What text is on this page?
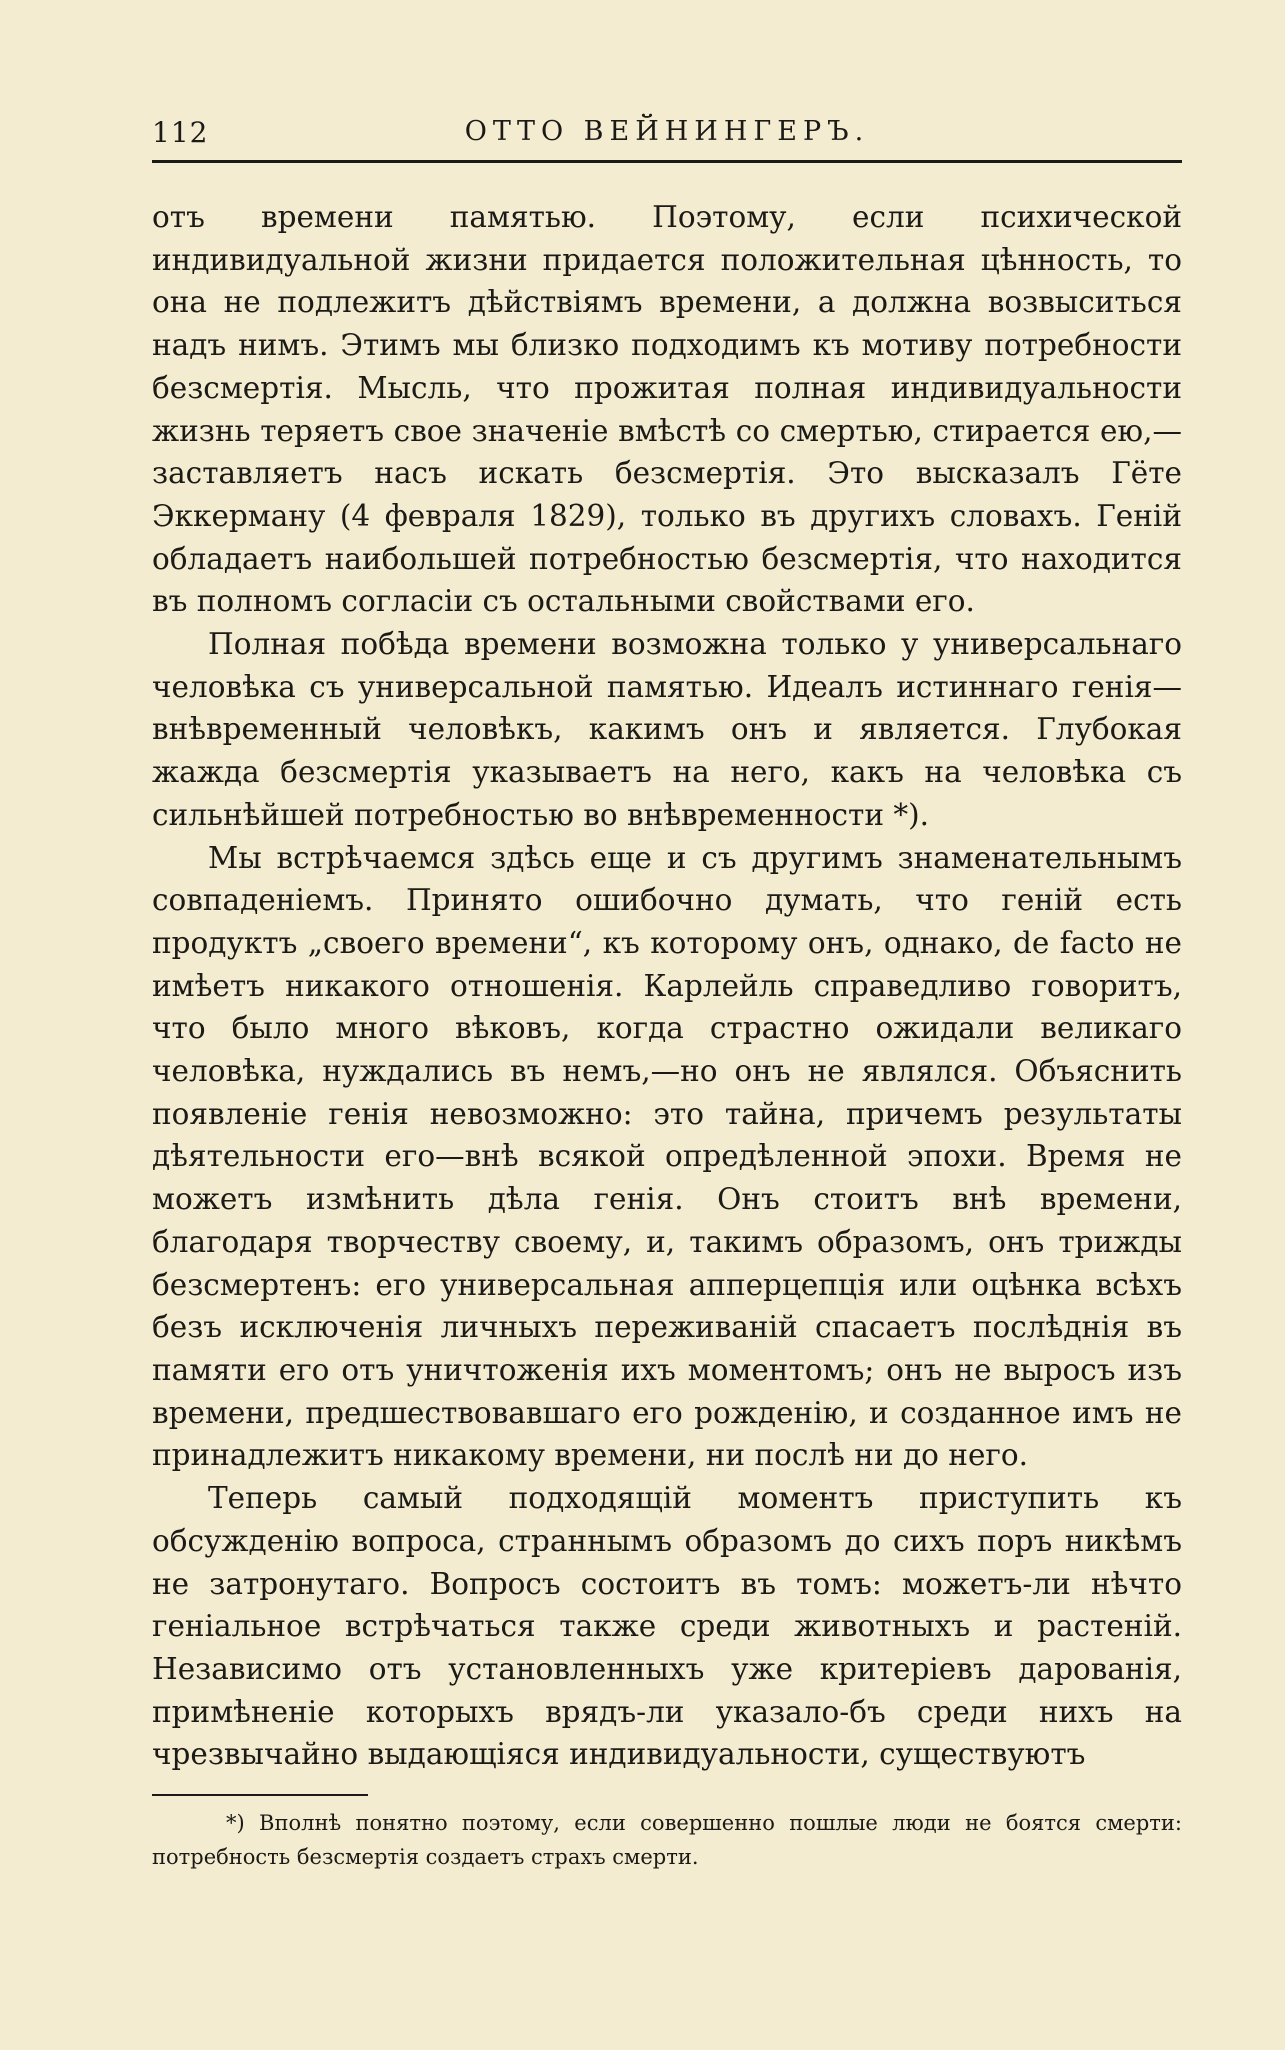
112	ОТТО ВЕЙНИНГЕРЪ.

отъ времени памятью. Поэтому, если психической индивидуальной жизни придается положительная цѣнность, то она не подлежитъ дѣйствіямъ времени, а должна возвыситься надъ нимъ. Этимъ мы близко подходимъ къ мотиву потребности безсмертія. Мысль, что прожитая полная индивидуальности жизнь теряетъ свое значеніе вмѣстѣ со смертью, стирается ею,—заставляетъ насъ искать безсмертія. Это высказалъ Гёте Эккерману (4 февраля 1829), только въ другихъ словахъ. Геній обладаетъ наибольшей потребностью безсмертія, что находится въ полномъ согласіи съ остальными свойствами его.

Полная побѣда времени возможна только у универсальнаго человѣка съ универсальной памятью. Идеалъ истиннаго генія—внѣвременный человѣкъ, какимъ онъ и является. Глубокая жажда безсмертія указываетъ на него, какъ на человѣка съ сильнѣйшей потребностью во внѣвременности *).

Мы встрѣчаемся здѣсь еще и съ другимъ знаменательнымъ совпаденіемъ. Принято ошибочно думать, что геній есть продуктъ „своего времени“, къ которому онъ, однако, de facto не имѣетъ никакого отношенія. Карлейль справедливо говоритъ, что было много вѣковъ, когда страстно ожидали великаго человѣка, нуждались въ немъ,—но онъ не являлся. Объяснить появленіе генія невозможно: это тайна, причемъ результаты дѣятельности его—внѣ всякой опредѣленной эпохи. Время не можетъ измѣнить дѣла генія. Онъ стоитъ внѣ времени, благодаря творчеству своему, и, такимъ образомъ, онъ трижды безсмертенъ: его универсальная апперцепція или оцѣнка всѣхъ безъ исключенія личныхъ переживаній спасаетъ послѣднія въ памяти его отъ уничтоженія ихъ моментомъ; онъ не выросъ изъ времени, предшествовавшаго его рожденію, и созданное имъ не принадлежитъ никакому времени, ни послѣ ни до него.

Теперь самый подходящій моментъ приступить къ обсужденію вопроса, страннымъ образомъ до сихъ поръ никѣмъ не затронутаго. Вопросъ состоитъ въ томъ: можетъ-ли нѣчто геніальное встрѣчаться также среди животныхъ и растеній. Независимо отъ установленныхъ уже критеріевъ дарованія, примѣненіе которыхъ врядъ-ли указало-бъ среди нихъ на чрезвычайно выдающіяся индивидуальности, существуютъ

*) Вполнѣ понятно поэтому, если совершенно пошлые люди не боятся смерти: потребность безсмертія создаетъ страхъ смерти.
